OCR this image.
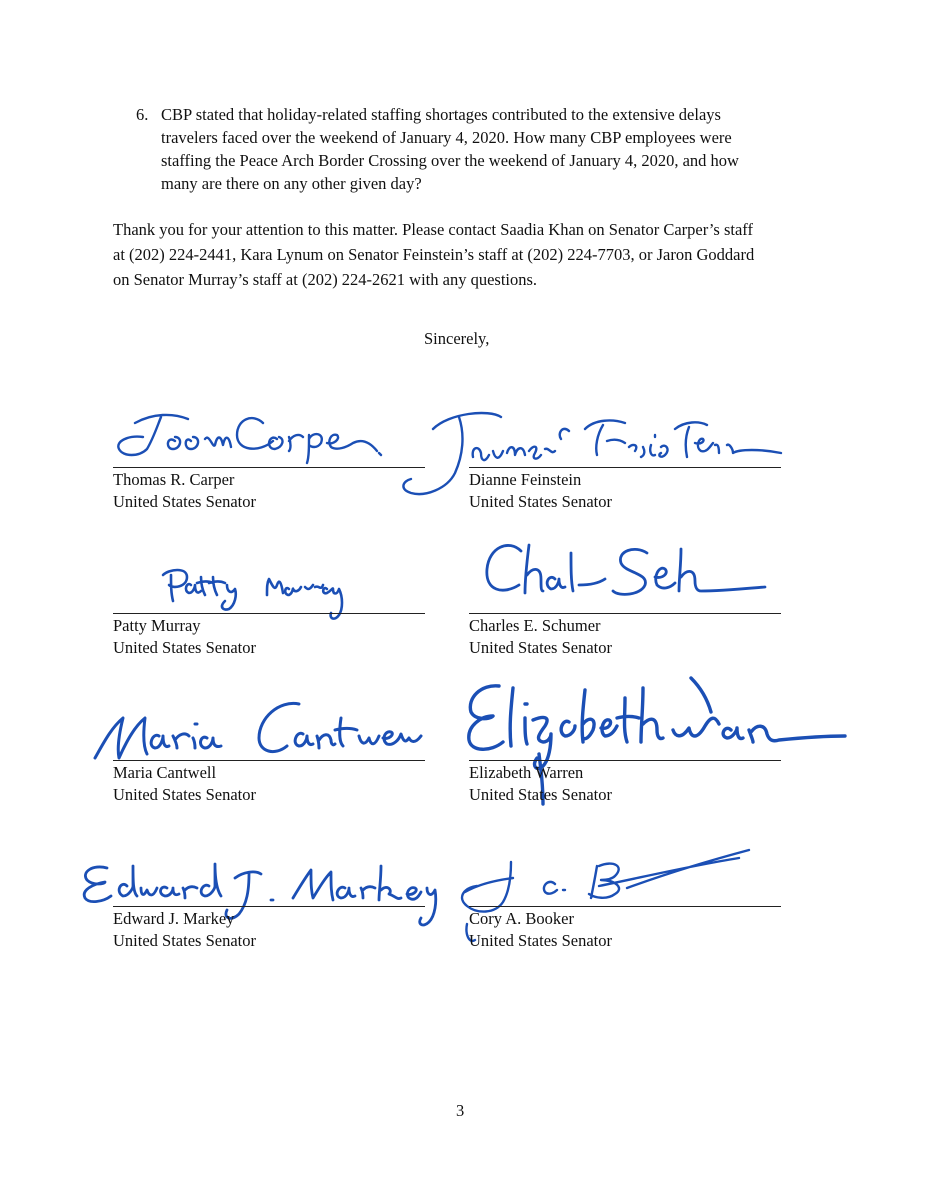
6. CBP stated that holiday-related staffing shortages contributed to the extensive delays
travelers faced over the weekend of January 4, 2020. How many CBP employees were
staffing the Peace Arch Border Crossing over the weekend of January 4, 2020, and how
many are there on any other given day?
Thank you for your attention to this matter. Please contact Saadia Khan on Senator Carper’s staff
at (202) 224-2441, Kara Lynum on Senator Feinstein’s staff at (202) 224-7703, or Jaron Goddard
on Senator Murray’s staff at (202) 224-2621 with any questions.
Sincerely,
Thomas R. Carper
United States Senator
Dianne Feinstein
United States Senator
Patty Murray
United States Senator
Charles E. Schumer
United States Senator
Maria Cantwell
United States Senator
Elizabeth Warren
United States Senator
Edward J. Markey
United States Senator
Cory A. Booker
United States Senator
3
